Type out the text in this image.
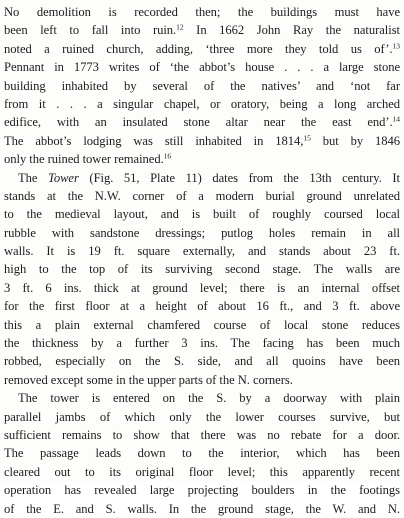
No demolition is recorded then; the buildings must have
been left to fall into ruin.$^{12}$ In 1662 John Ray the naturalist
noted a ruined church, adding, ‘three more they told us of’.$^{13}$
Pennant in 1773 writes of ‘the abbot’s house . . . a large stone
building inhabited by several of the natives’ and ‘not far
from it . . . a singular chapel, or oratory, being a long arched
edifice, with an insulated stone altar near the east end’.$^{14}$
The abbot’s lodging was still inhabited in 1814,15 but by 1846
only the ruined tower remained.$^{16}$
The Tower (Fig. 51, Plate 11) dates from the 13th century. It
stands at the N.W. corner of a modern burial ground unrelated
to the medieval layout, and is built of roughly coursed local
rubble with sandstone dressings; putlog holes remain in all
walls. It is 19 ft. square externally, and stands about 23 ft.
high to the top of its surviving second stage. The walls are
3 ft. 6 ins. thick at ground level; there is an internal offset
for the first floor at a height of about 16 ft., and 3 ft. above
this a plain external chamfered course of local stone reduces
the thickness by a further 3 ins. The facing has been much
robbed, especially on the S. side, and all quoins have been
removed except some in the upper parts of the N. corners.
The tower is entered on the S. by a doorway with plain
parallel jambs of which only the lower courses survive, but
sufficient remains to show that there was no rebate for a door.
The passage leads down to the interior, which has been
cleared out to its original floor level; this apparently recent
operation has revealed large projecting boulders in the footings
of the E. and S. walls. In the ground stage, the W. and N.
